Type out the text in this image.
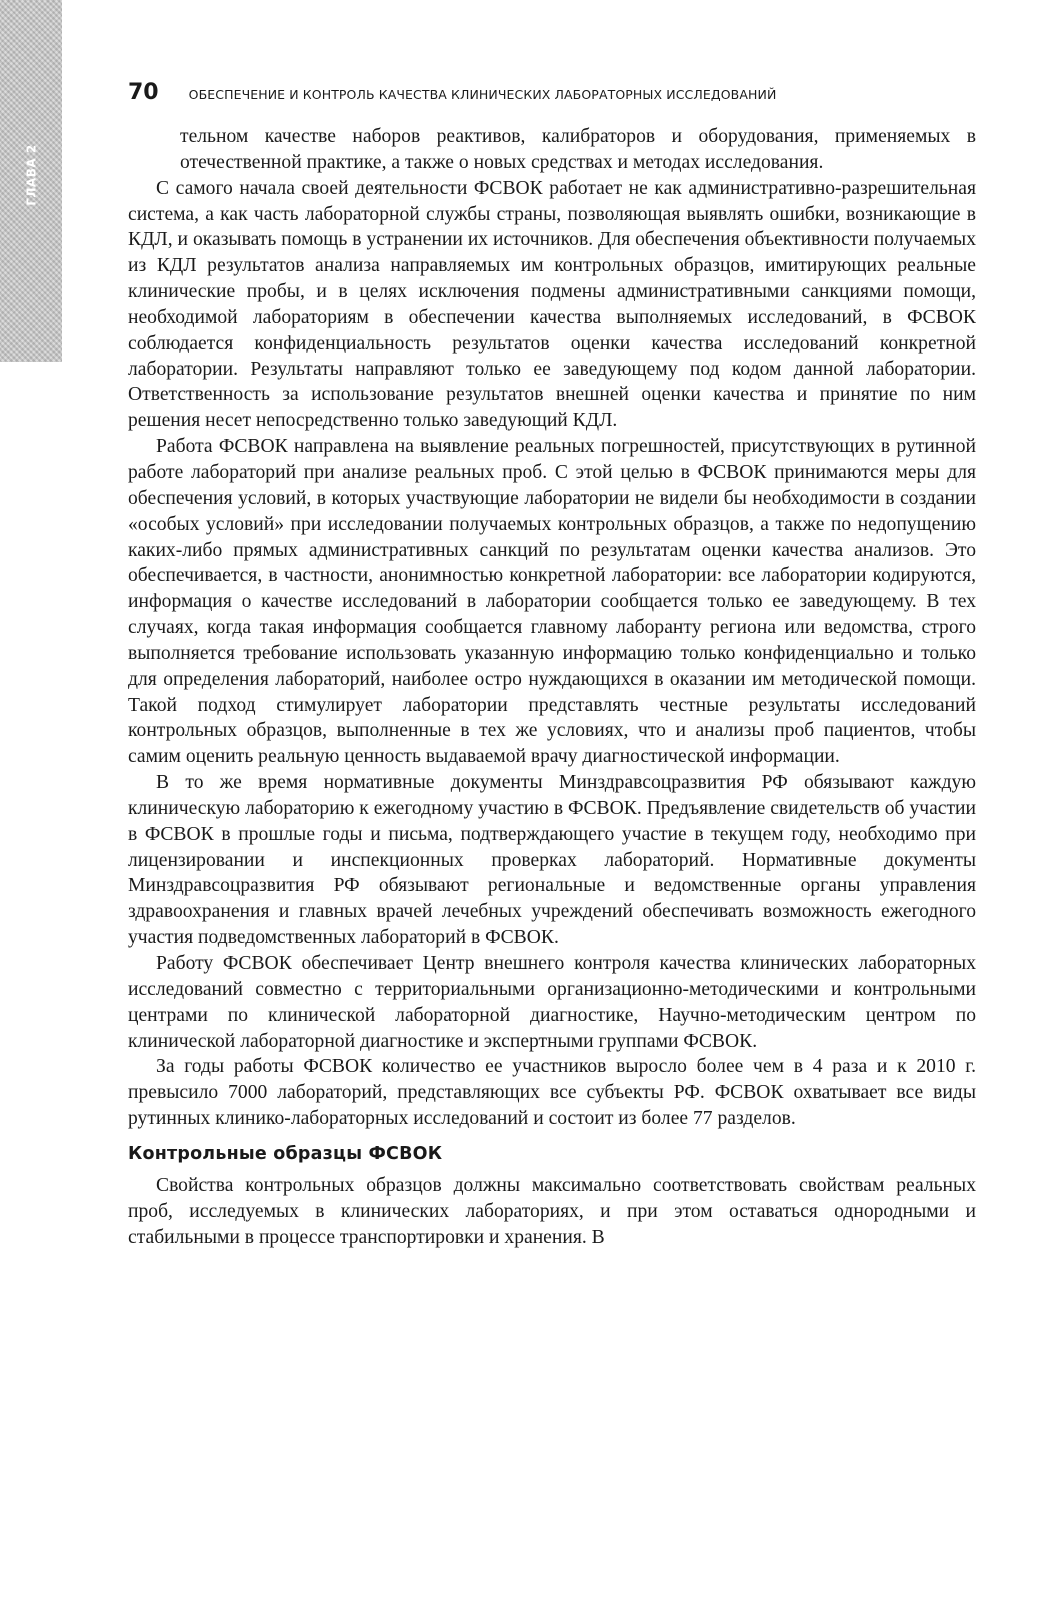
ГЛАВА 2
70 ОБЕСПЕЧЕНИЕ И КОНТРОЛЬ КАЧЕСТВА КЛИНИЧЕСКИХ ЛАБОРАТОРНЫХ ИССЛЕДОВАНИЙ

тельном качестве наборов реактивов, калибраторов и оборудования, применяемых в отечественной практике, а также о новых средствах и методах исследования.

С самого начала своей деятельности ФСВОК работает не как административно-разрешительная система, а как часть лабораторной службы страны, позволяющая выявлять ошибки, возникающие в КДЛ, и оказывать помощь в устранении их источников. Для обеспечения объективности получаемых из КДЛ результатов анализа направляемых им контрольных образцов, имитирующих реальные клинические пробы, и в целях исключения подмены административными санкциями помощи, необходимой лабораториям в обеспечении качества выполняемых исследований, в ФСВОК соблюдается конфиденциальность результатов оценки качества исследований конкретной лаборатории. Результаты направляют только ее заведующему под кодом данной лаборатории. Ответственность за использование результатов внешней оценки качества и принятие по ним решения несет непосредственно только заведующий КДЛ.

Работа ФСВОК направлена на выявление реальных погрешностей, присутствующих в рутинной работе лабораторий при анализе реальных проб. С этой целью в ФСВОК принимаются меры для обеспечения условий, в которых участвующие лаборатории не видели бы необходимости в создании «особых условий» при исследовании получаемых контрольных образцов, а также по недопущению каких-либо прямых административных санкций по результатам оценки качества анализов. Это обеспечивается, в частности, анонимностью конкретной лаборатории: все лаборатории кодируются, информация о качестве исследований в лаборатории сообщается только ее заведующему. В тех случаях, когда такая информация сообщается главному лаборанту региона или ведомства, строго выполняется требование использовать указанную информацию только конфиденциально и только для определения лабораторий, наиболее остро нуждающихся в оказании им методической помощи. Такой подход стимулирует лаборатории представлять честные результаты исследований контрольных образцов, выполненные в тех же условиях, что и анализы проб пациентов, чтобы самим оценить реальную ценность выдаваемой врачу диагностической информации.

В то же время нормативные документы Минздравсоцразвития РФ обязывают каждую клиническую лабораторию к ежегодному участию в ФСВОК. Предъявление свидетельств об участии в ФСВОК в прошлые годы и письма, подтверждающего участие в текущем году, необходимо при лицензировании и инспекционных проверках лабораторий. Нормативные документы Минздравсоцразвития РФ обязывают региональные и ведомственные органы управления здравоохранения и главных врачей лечебных учреждений обеспечивать возможность ежегодного участия подведомственных лабораторий в ФСВОК.

Работу ФСВОК обеспечивает Центр внешнего контроля качества клинических лабораторных исследований совместно с территориальными организационно-методическими и контрольными центрами по клинической лабораторной диагностике, Научно-методическим центром по клинической лабораторной диагностике и экспертными группами ФСВОК.

За годы работы ФСВОК количество ее участников выросло более чем в 4 раза и к 2010 г. превысило 7000 лабораторий, представляющих все субъекты РФ. ФСВОК охватывает все виды рутинных клинико-лабораторных исследований и состоит из более 77 разделов.

Контрольные образцы ФСВОК

Свойства контрольных образцов должны максимально соответствовать свойствам реальных проб, исследуемых в клинических лабораториях, и при этом оставаться однородными и стабильными в процессе транспортировки и хранения. В
